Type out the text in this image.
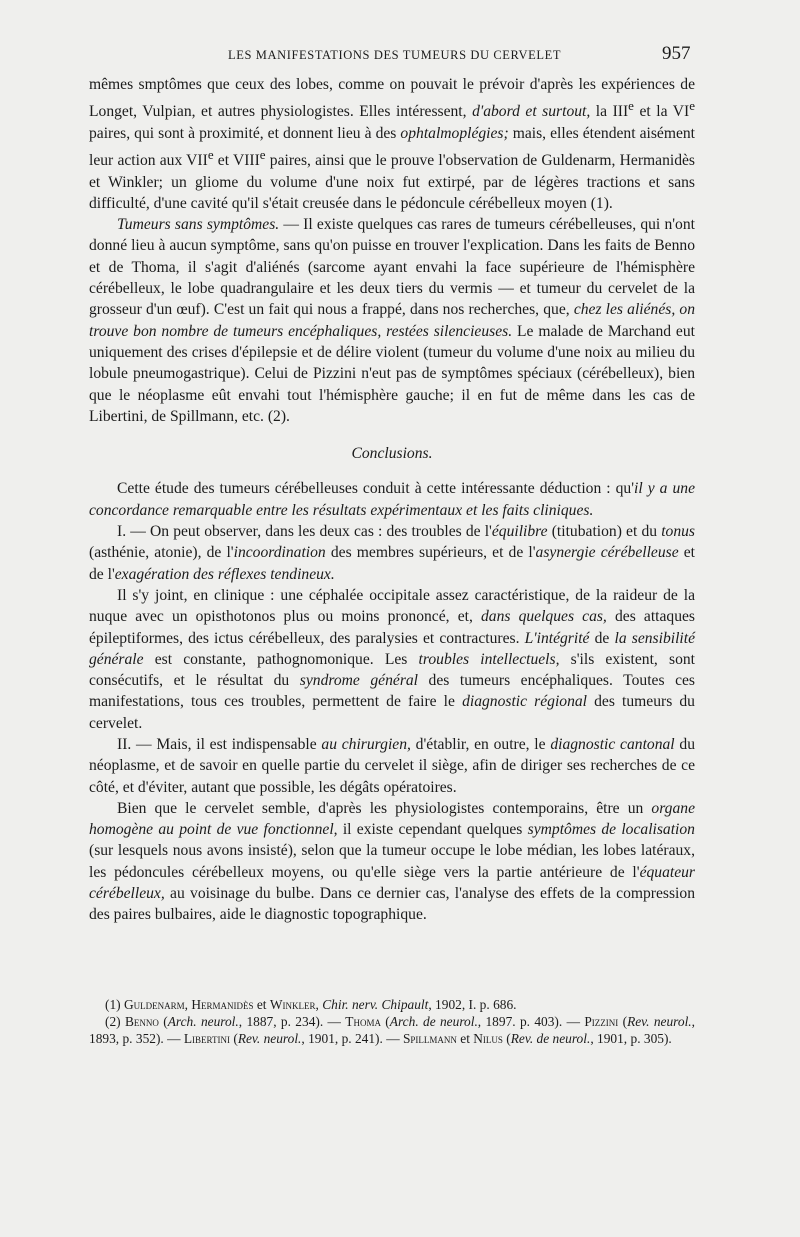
LES MANIFESTATIONS DES TUMEURS DU CERVELET	957

mêmes smptômes que ceux des lobes, comme on pouvait le prévoir d'après les expériences de Longet, Vulpian, et autres physiologistes. Elles intéressent, d'abord et surtout, la IIIe et la VIe paires, qui sont à proximité, et donnent lieu à des ophtalmoplégies; mais, elles étendent aisément leur action aux VIIe et VIIIe paires, ainsi que le prouve l'observation de Guldenarm, Hermanidès et Winkler; un gliome du volume d'une noix fut extirpé, par de légères tractions et sans difficulté, d'une cavité qu'il s'était creusée dans le pédoncule cérébelleux moyen (1).

Tumeurs sans symptômes. — Il existe quelques cas rares de tumeurs cérébelleuses, qui n'ont donné lieu à aucun symptôme, sans qu'on puisse en trouver l'explication. Dans les faits de Benno et de Thoma, il s'agit d'aliénés (sarcome ayant envahi la face supérieure de l'hémisphère cérébelleux, le lobe quadrangulaire et les deux tiers du vermis — et tumeur du cervelet de la grosseur d'un œuf). C'est un fait qui nous a frappé, dans nos recherches, que, chez les aliénés, on trouve bon nombre de tumeurs encéphaliques, restées silencieuses. Le malade de Marchand eut uniquement des crises d'épilepsie et de délire violent (tumeur du volume d'une noix au milieu du lobule pneumogastrique). Celui de Pizzini n'eut pas de symptômes spéciaux (cérébelleux), bien que le néoplasme eût envahi tout l'hémisphère gauche; il en fut de même dans les cas de Libertini, de Spillmann, etc. (2).

Conclusions.

Cette étude des tumeurs cérébelleuses conduit à cette intéressante déduction : qu'il y a une concordance remarquable entre les résultats expérimentaux et les faits cliniques.

I. — On peut observer, dans les deux cas : des troubles de l'équilibre (titubation) et du tonus (asthénie, atonie), de l'incoordination des membres supérieurs, et de l'asynergie cérébelleuse et de l'exagération des réflexes tendineux.

Il s'y joint, en clinique : une céphalée occipitale assez caractéristique, de la raideur de la nuque avec un opisthotonos plus ou moins prononcé, et, dans quelques cas, des attaques épileptiformes, des ictus cérébelleux, des paralysies et contractures. L'intégrité de la sensibilité générale est constante, pathognomonique. Les troubles intellectuels, s'ils existent, sont consécutifs, et le résultat du syndrome général des tumeurs encéphaliques. Toutes ces manifestations, tous ces troubles, permettent de faire le diagnostic régional des tumeurs du cervelet.

II. — Mais, il est indispensable au chirurgien, d'établir, en outre, le diagnostic cantonal du néoplasme, et de savoir en quelle partie du cervelet il siège, afin de diriger ses recherches de ce côté, et d'éviter, autant que possible, les dégâts opératoires.

Bien que le cervelet semble, d'après les physiologistes contemporains, être un organe homogène au point de vue fonctionnel, il existe cependant quelques symptômes de localisation (sur lesquels nous avons insisté), selon que la tumeur occupe le lobe médian, les lobes latéraux, les pédoncules cérébelleux moyens, ou qu'elle siège vers la partie antérieure de l'équateur cérébelleux, au voisinage du bulbe. Dans ce dernier cas, l'analyse des effets de la compression des paires bulbaires, aide le diagnostic topographique.

(1) Guldenarm, Hermanidès et Winkler, Chir. nerv. Chipault, 1902, I. p. 686.

(2) Benno (Arch. neurol., 1887, p. 234). — Thoma (Arch. de neurol., 1897. p. 403). — Pizzini (Rev. neurol., 1893, p. 352). — Libertini (Rev. neurol., 1901, p. 241). — Spillmann et Nilus (Rev. de neurol., 1901, p. 305).
